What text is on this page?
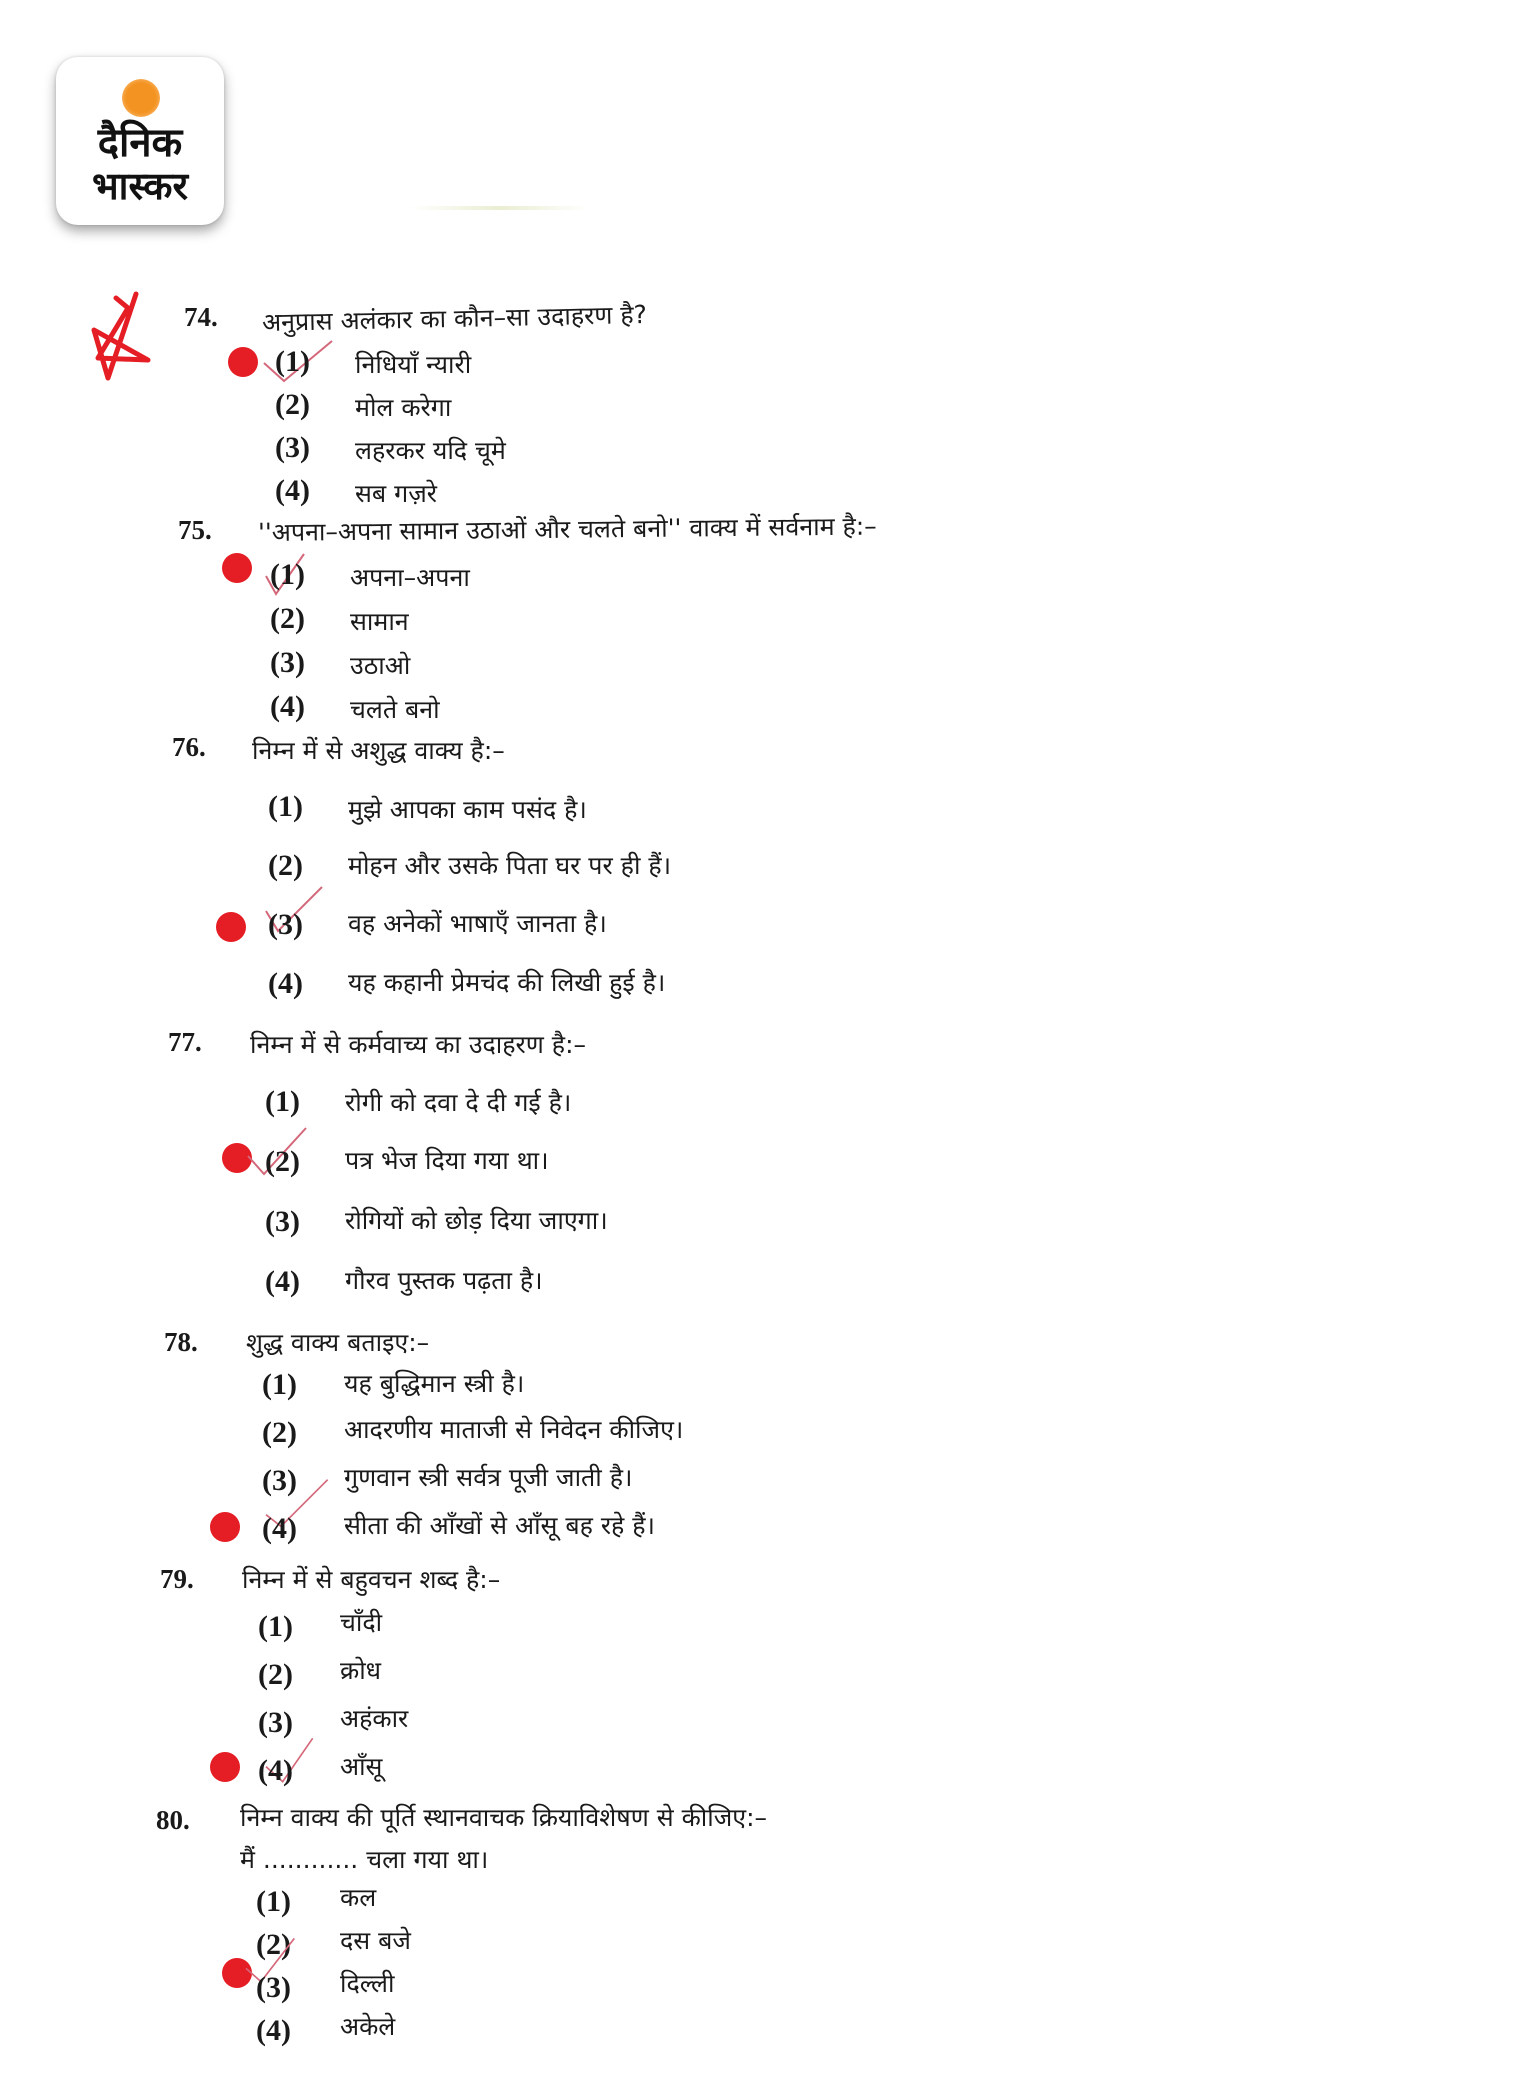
दैनिक
भास्कर
74. अनुप्रास अलंकार का कौन–सा उदाहरण है?
(1) निधियाँ न्यारी
(2) मोल करेगा
(3) लहरकर यदि चूमे
(4) सब गज़रे
75. ''अपना–अपना सामान उठाओं और चलते बनो'' वाक्य में सर्वनाम है:–
(1) अपना–अपना
(2) सामान
(3) उठाओ
(4) चलते बनो
76. निम्न में से अशुद्ध वाक्य है:–
(1) मुझे आपका काम पसंद है।
(2) मोहन और उसके पिता घर पर ही हैं।
(3) वह अनेकों भाषाएँ जानता है।
(4) यह कहानी प्रेमचंद की लिखी हुई है।
77. निम्न में से कर्मवाच्य का उदाहरण है:–
(1) रोगी को दवा दे दी गई है।
(2) पत्र भेज दिया गया था।
(3) रोगियों को छोड़ दिया जाएगा।
(4) गौरव पुस्तक पढ़ता है।
78. शुद्ध वाक्य बताइए:–
(1) यह बुद्धिमान स्त्री है।
(2) आदरणीय माताजी से निवेदन कीजिए।
(3) गुणवान स्त्री सर्वत्र पूजी जाती है।
(4) सीता की आँखों से आँसू बह रहे हैं।
79. निम्न में से बहुवचन शब्द है:–
(1) चाँदी
(2) क्रोध
(3) अहंकार
(4) आँसू
80. निम्न वाक्य की पूर्ति स्थानवाचक क्रियाविशेषण से कीजिए:–
मैं ............ चला गया था।
(1) कल
(2) दस बजे
(3) दिल्ली
(4) अकेले
